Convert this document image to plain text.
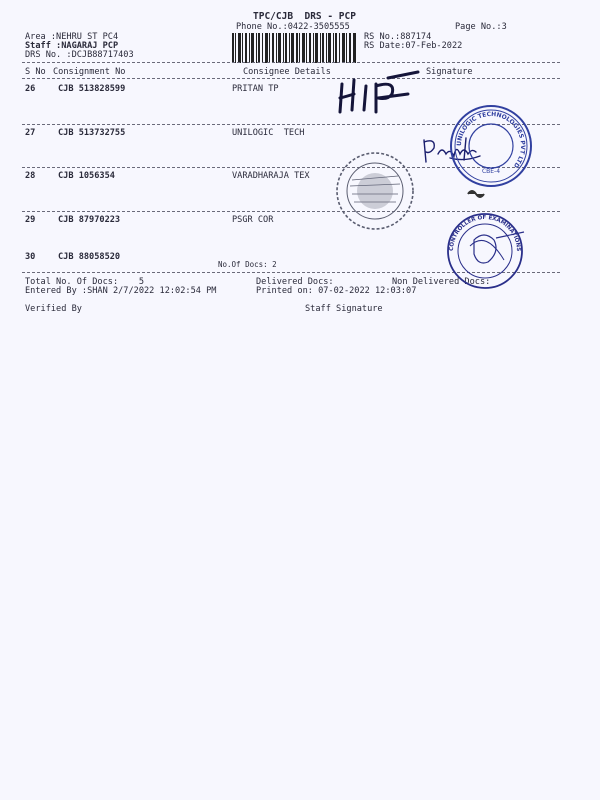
TPC/CJB  DRS - PCP
Phone No.:0422-3505555	Page No.:3
Area :NEHRU ST PC4
Staff :NAGARAJ PCP
DRS No. :DCJB88717403
RS No.:887174
RS Date:07-Feb-2022
S No Consignment No	Consignee Details	Signature
26	CJB 513828599	PRITAN TP
27	CJB 513732755	UNILOGIC  TECH
28	CJB 1056354	VARADHARAJA TEX
29	CJB 87970223	PSGR COR
30	CJB 88058520
No.Of Docs: 2
Total No. Of Docs:    5	Delivered Docs:	Non Delivered Docs:
Entered By :SHAN 2/7/2022 12:02:54 PM	Printed on: 07-02-2022 12:03:07
Verified By	Staff Signature
UNILOGIC TECHNOLOGIES PVT LTD
CBE-4
CONTROLLER OF EXAMINATIONS
